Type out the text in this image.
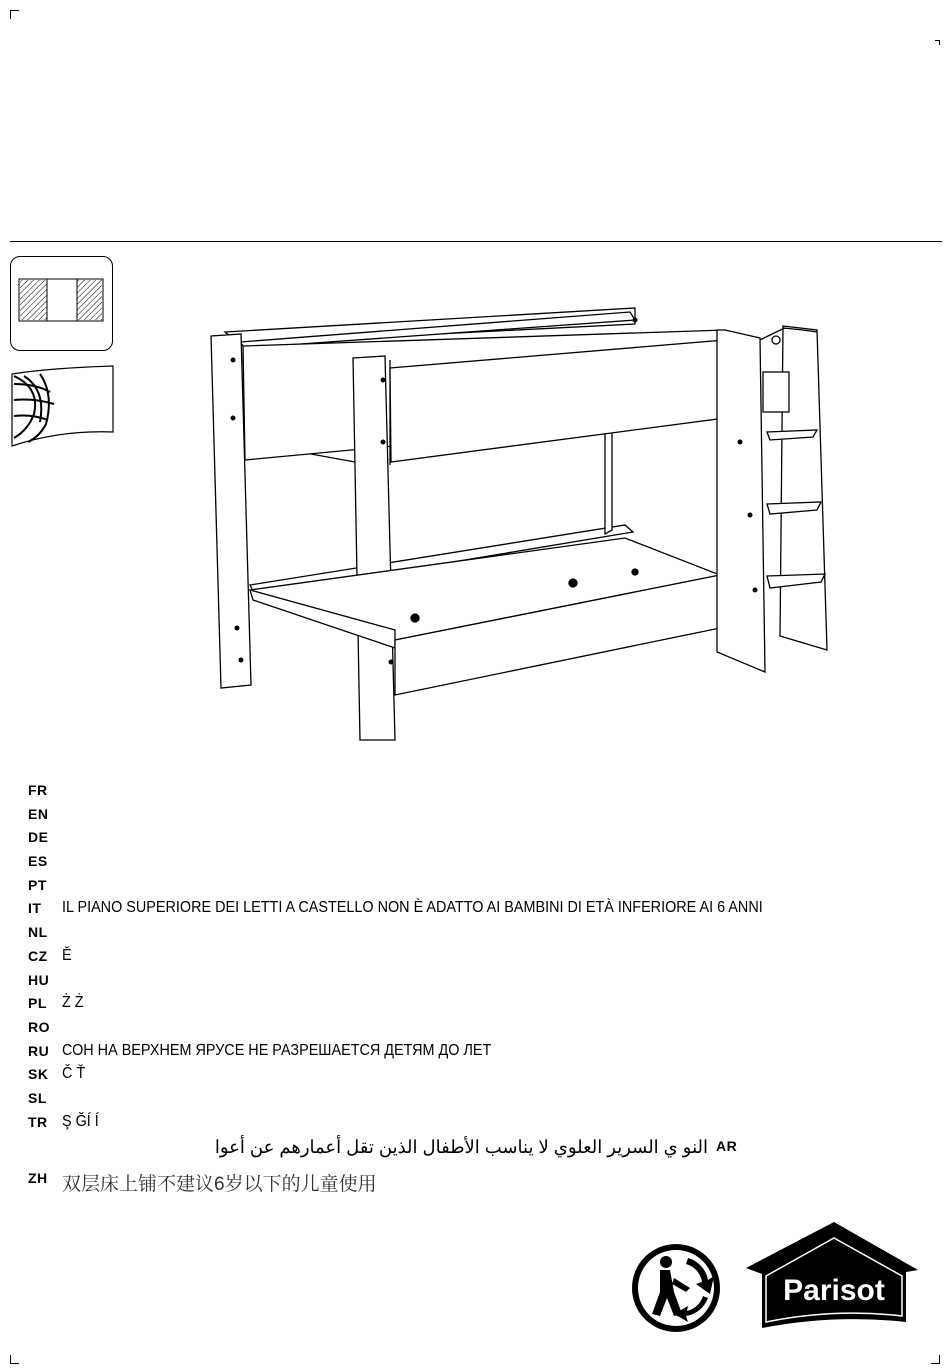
FR
EN
DE
ES
PT
IT IL PIANO SUPERIORE DEI LETTI A CASTELLO NON È ADATTO AI BAMBINI DI ETÀ INFERIORE AI 6 ANNI
NL
CZ Ě
HU
PL Ż Ż
RO
RU СОН НА ВЕРХНЕМ ЯРУСЕ НЕ РАЗРЕШАЕТСЯ ДЕТЯМ ДО ЛЕТ
SK Č Ť
SL
TR Ş ĞÍ Í
AR
النو ي السرير العلوي لا يناسب الأطفال الذين تقل أعمارهم عن أعوا
ZH 双层床上铺不建议6岁以下的儿童使用
Parisot
